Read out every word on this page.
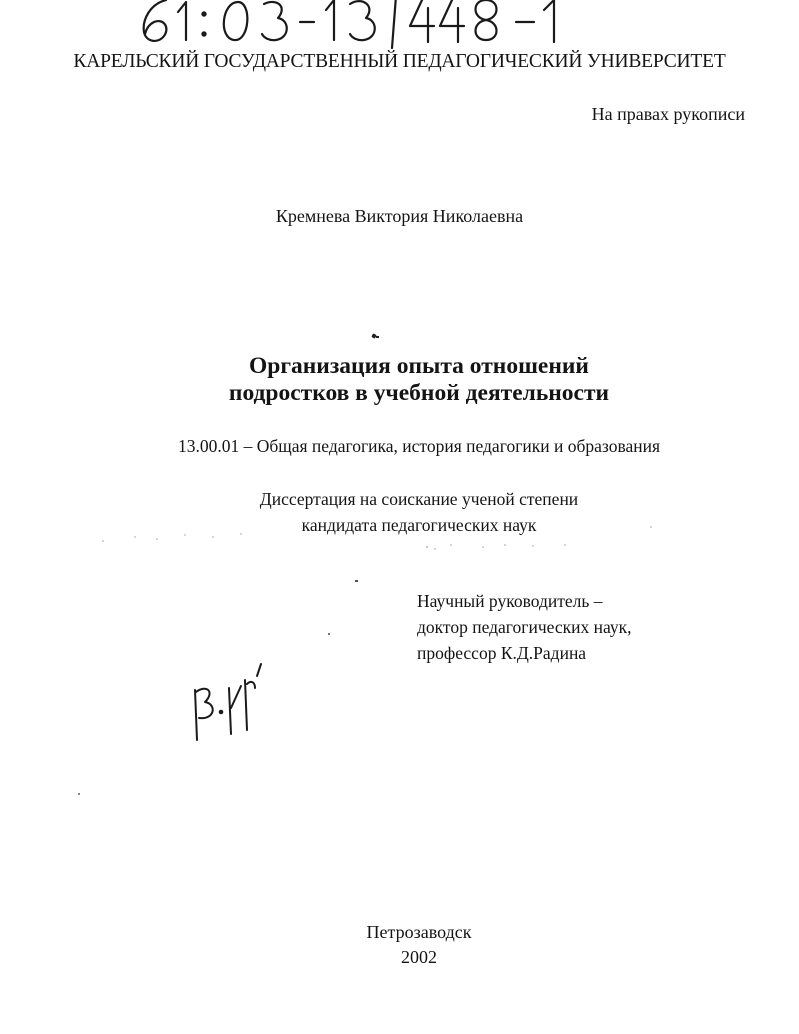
КАРЕЛЬСКИЙ ГОСУДАРСТВЕННЫЙ ПЕДАГОГИЧЕСКИЙ УНИВЕРСИТЕТ
На правах рукописи
Кремнева Виктория Николаевна
Организация опыта отношений
подростков в учебной деятельности
13.00.01 – Общая педагогика, история педагогики и образования
Диссертация на соискание ученой степени
кандидата педагогических наук
Научный руководитель –
доктор педагогических наук,
профессор К.Д.Радина
Петрозаводск
2002
